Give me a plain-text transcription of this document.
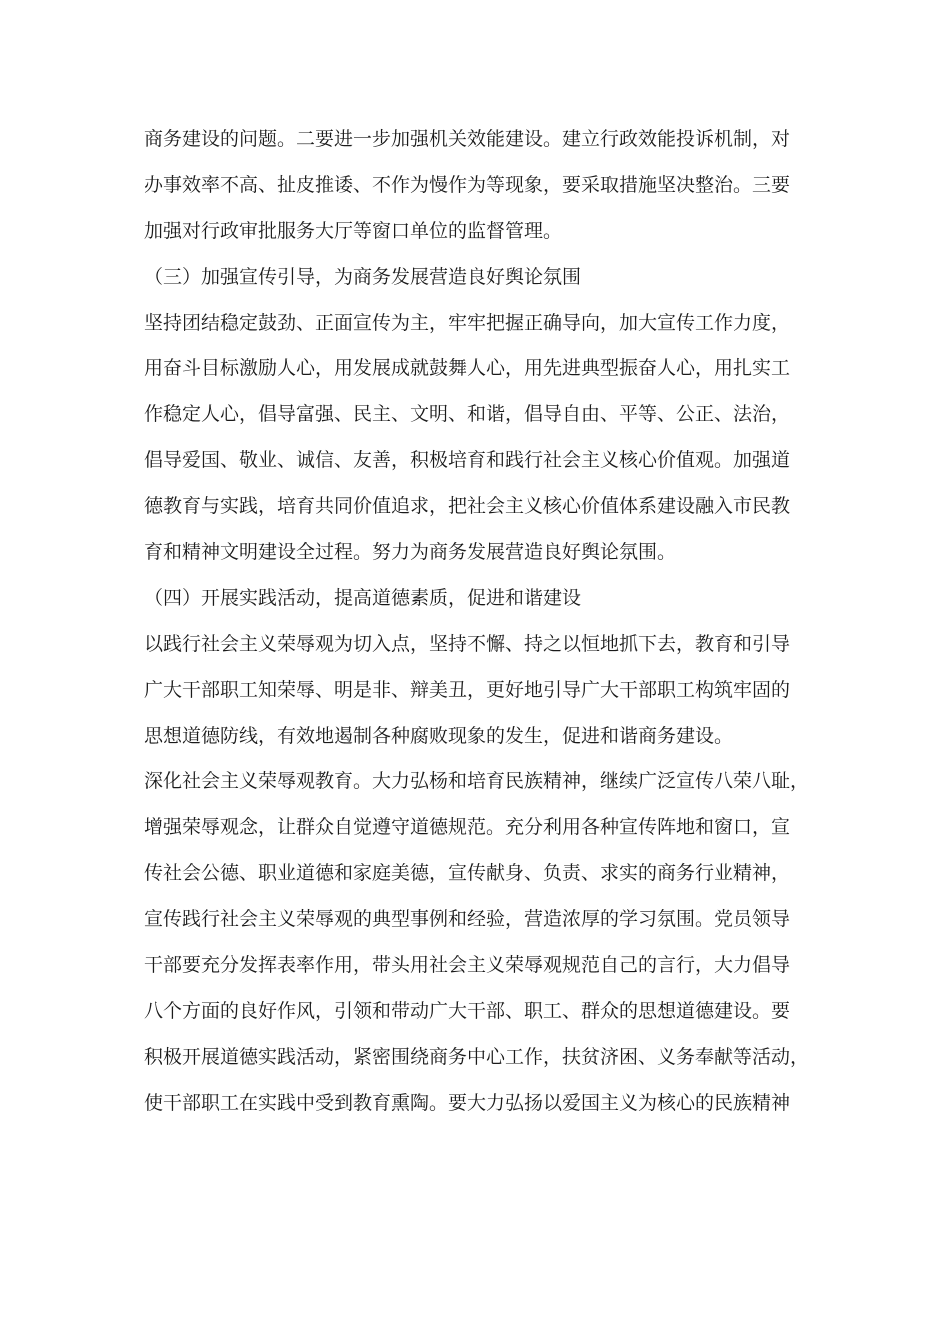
商务建设的问题。二要进一步加强机关效能建设。建立行政效能投诉机制，对
办事效率不高、扯皮推诿、不作为慢作为等现象，要采取措施坚决整治。三要
加强对行政审批服务大厅等窗口单位的监督管理。
（三）加强宣传引导，为商务发展营造良好舆论氛围
坚持团结稳定鼓劲、正面宣传为主，牢牢把握正确导向，加大宣传工作力度，
用奋斗目标激励人心，用发展成就鼓舞人心，用先进典型振奋人心，用扎实工
作稳定人心，倡导富强、民主、文明、和谐，倡导自由、平等、公正、法治，
倡导爱国、敬业、诚信、友善，积极培育和践行社会主义核心价值观。加强道
德教育与实践，培育共同价值追求，把社会主义核心价值体系建设融入市民教
育和精神文明建设全过程。努力为商务发展营造良好舆论氛围。
（四）开展实践活动，提高道德素质，促进和谐建设
以践行社会主义荣辱观为切入点，坚持不懈、持之以恒地抓下去，教育和引导
广大干部职工知荣辱、明是非、辩美丑，更好地引导广大干部职工构筑牢固的
思想道德防线，有效地遏制各种腐败现象的发生，促进和谐商务建设。
深化社会主义荣辱观教育。大力弘杨和培育民族精神，继续广泛宣传八荣八耻，
增强荣辱观念，让群众自觉遵守道德规范。充分利用各种宣传阵地和窗口，宣
传社会公德、职业道德和家庭美德，宣传献身、负责、求实的商务行业精神，
宣传践行社会主义荣辱观的典型事例和经验，营造浓厚的学习氛围。党员领导
干部要充分发挥表率作用，带头用社会主义荣辱观规范自己的言行，大力倡导
八个方面的良好作风，引领和带动广大干部、职工、群众的思想道德建设。要
积极开展道德实践活动，紧密围绕商务中心工作，扶贫济困、义务奉献等活动，
使干部职工在实践中受到教育熏陶。要大力弘扬以爱国主义为核心的民族精神
